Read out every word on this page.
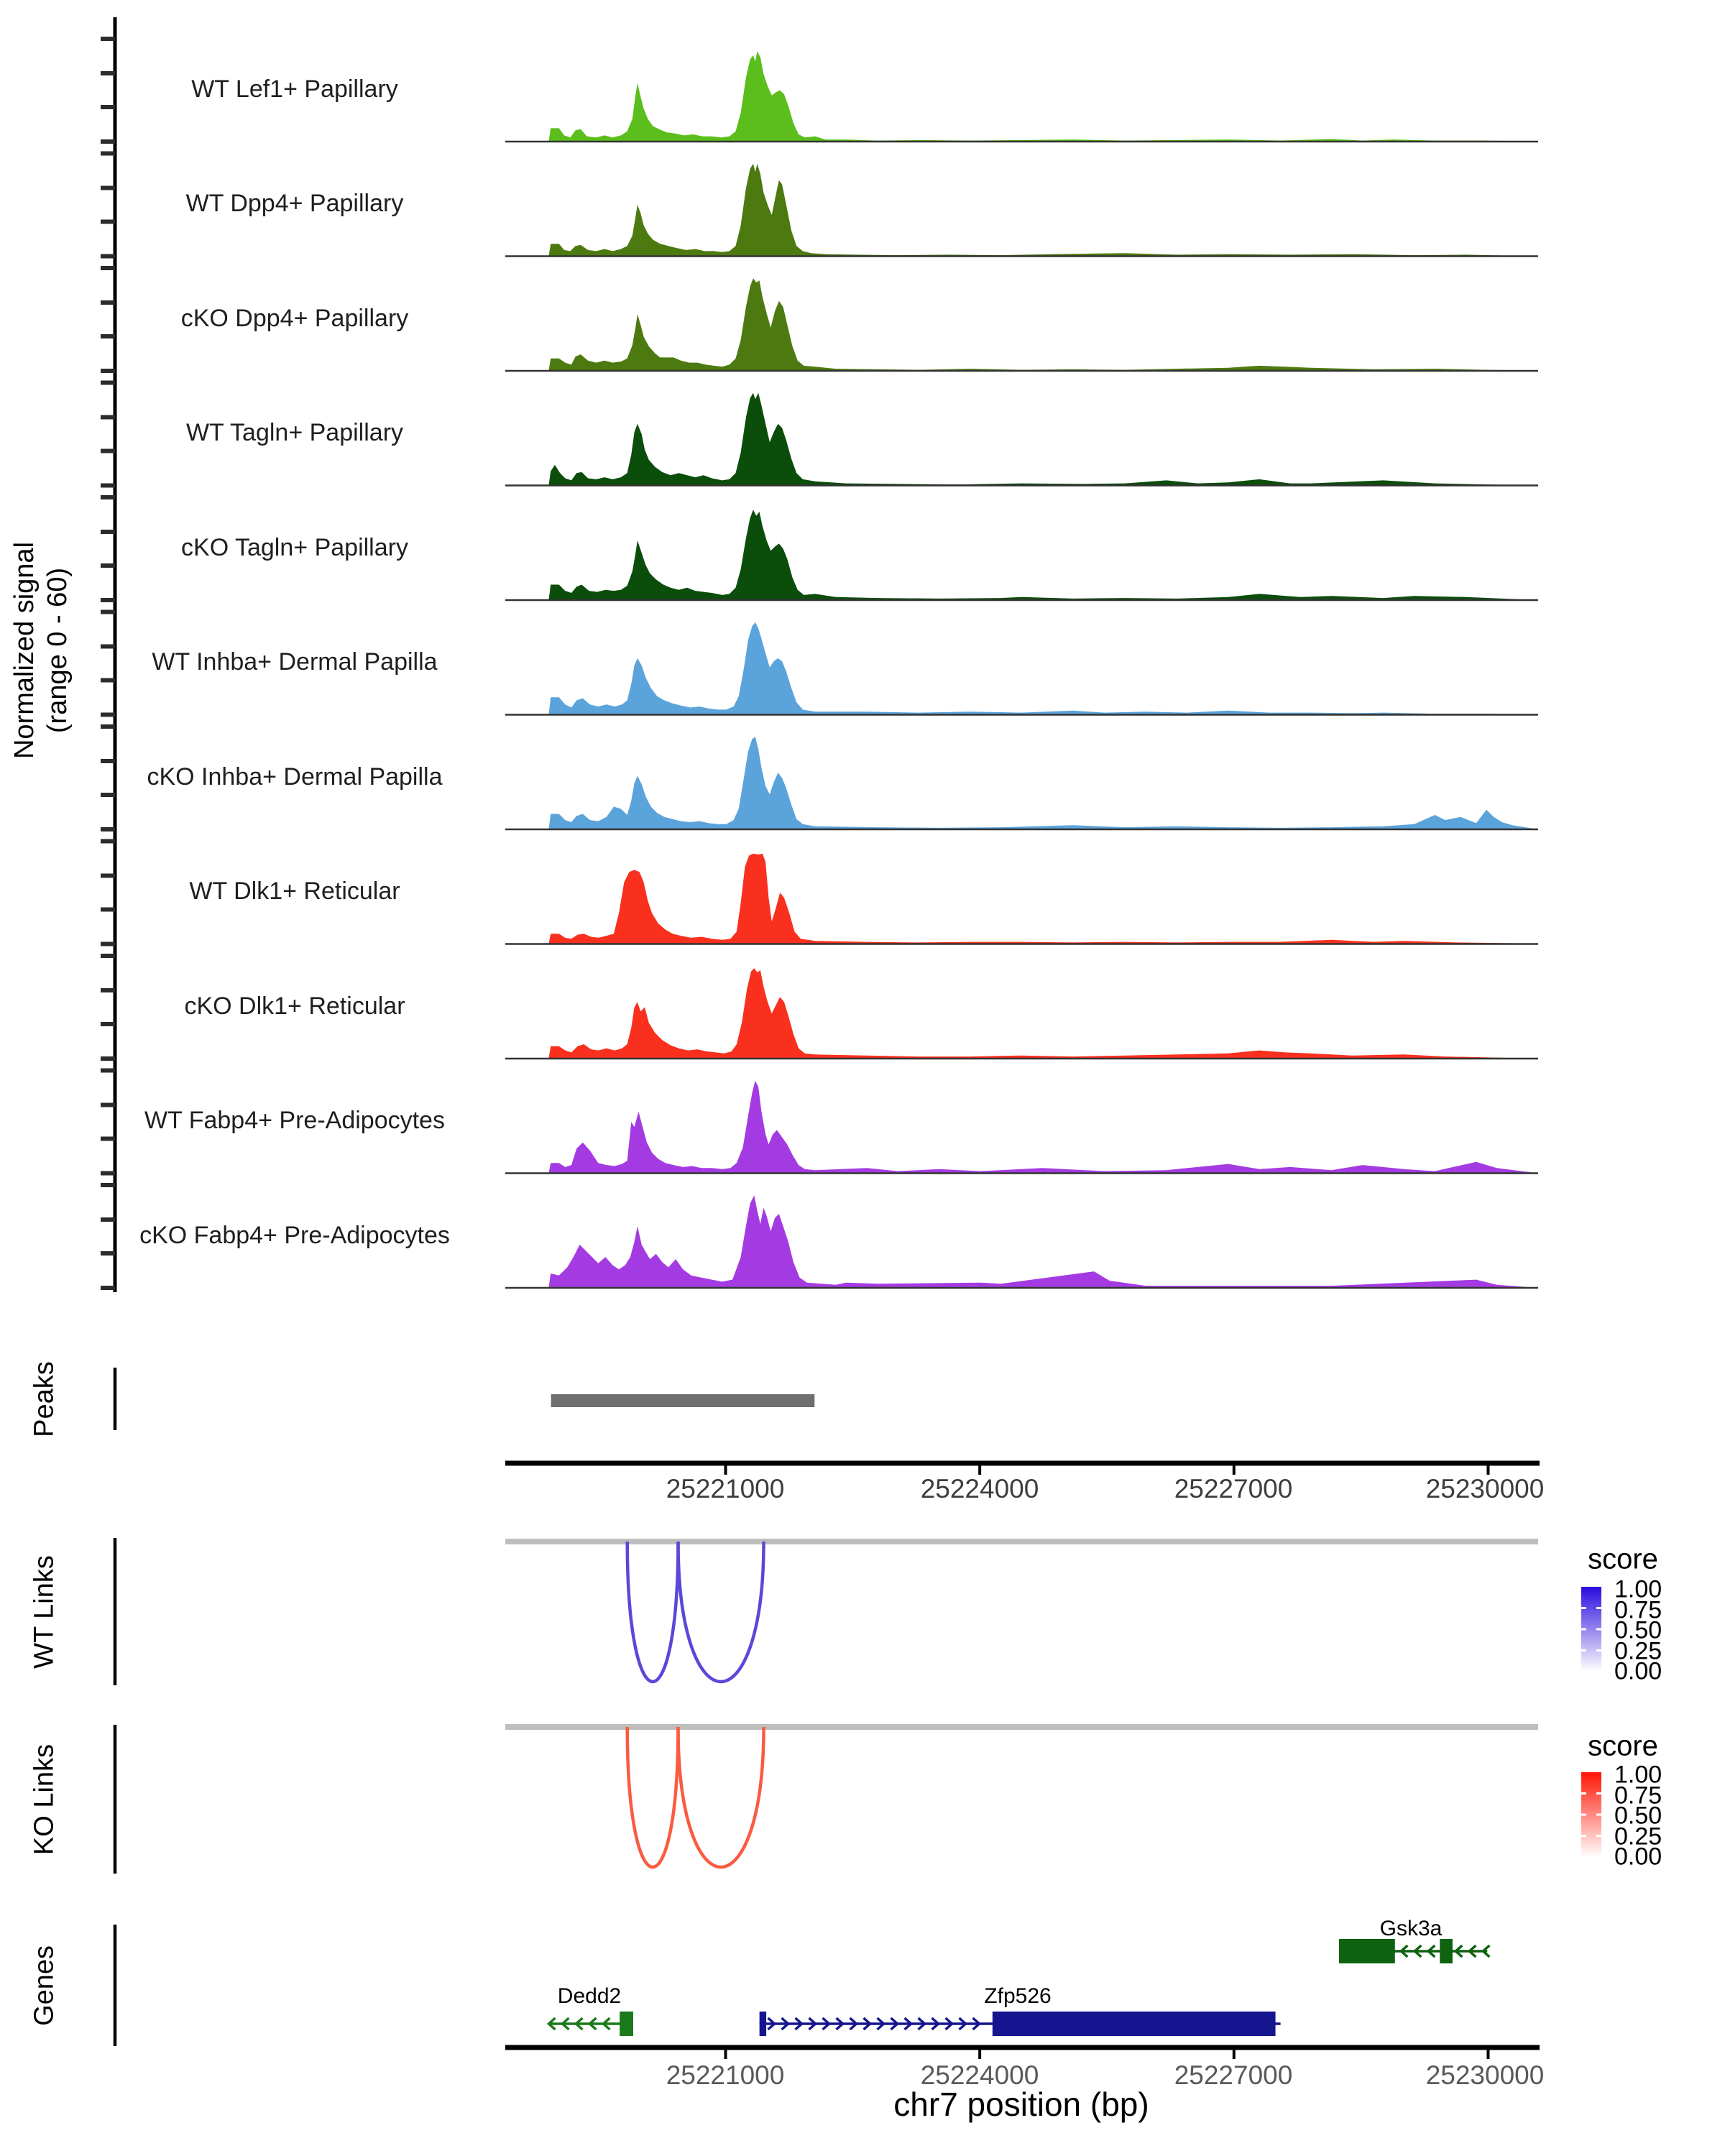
WT Lef1+ Papillary
WT Dpp4+ Papillary
cKO Dpp4+ Papillary
WT Tagln+ Papillary
cKO Tagln+ Papillary
WT Inhba+ Dermal Papilla
cKO Inhba+ Dermal Papilla
WT Dlk1+ Reticular
cKO Dlk1+ Reticular
WT Fabp4+ Pre-Adipocytes
cKO Fabp4+ Pre-Adipocytes
Normalized signal (range 0 - 60)
Peaks
WT Links
KO Links
Genes
25221000	25224000	25227000	25230000
25221000	25224000	25227000	25230000
chr7 position (bp)
score
1.00
0.75
0.50
0.25
0.00
score
1.00
0.75
0.50
0.25
0.00
Dedd2	Zfp526
Gsk3a
